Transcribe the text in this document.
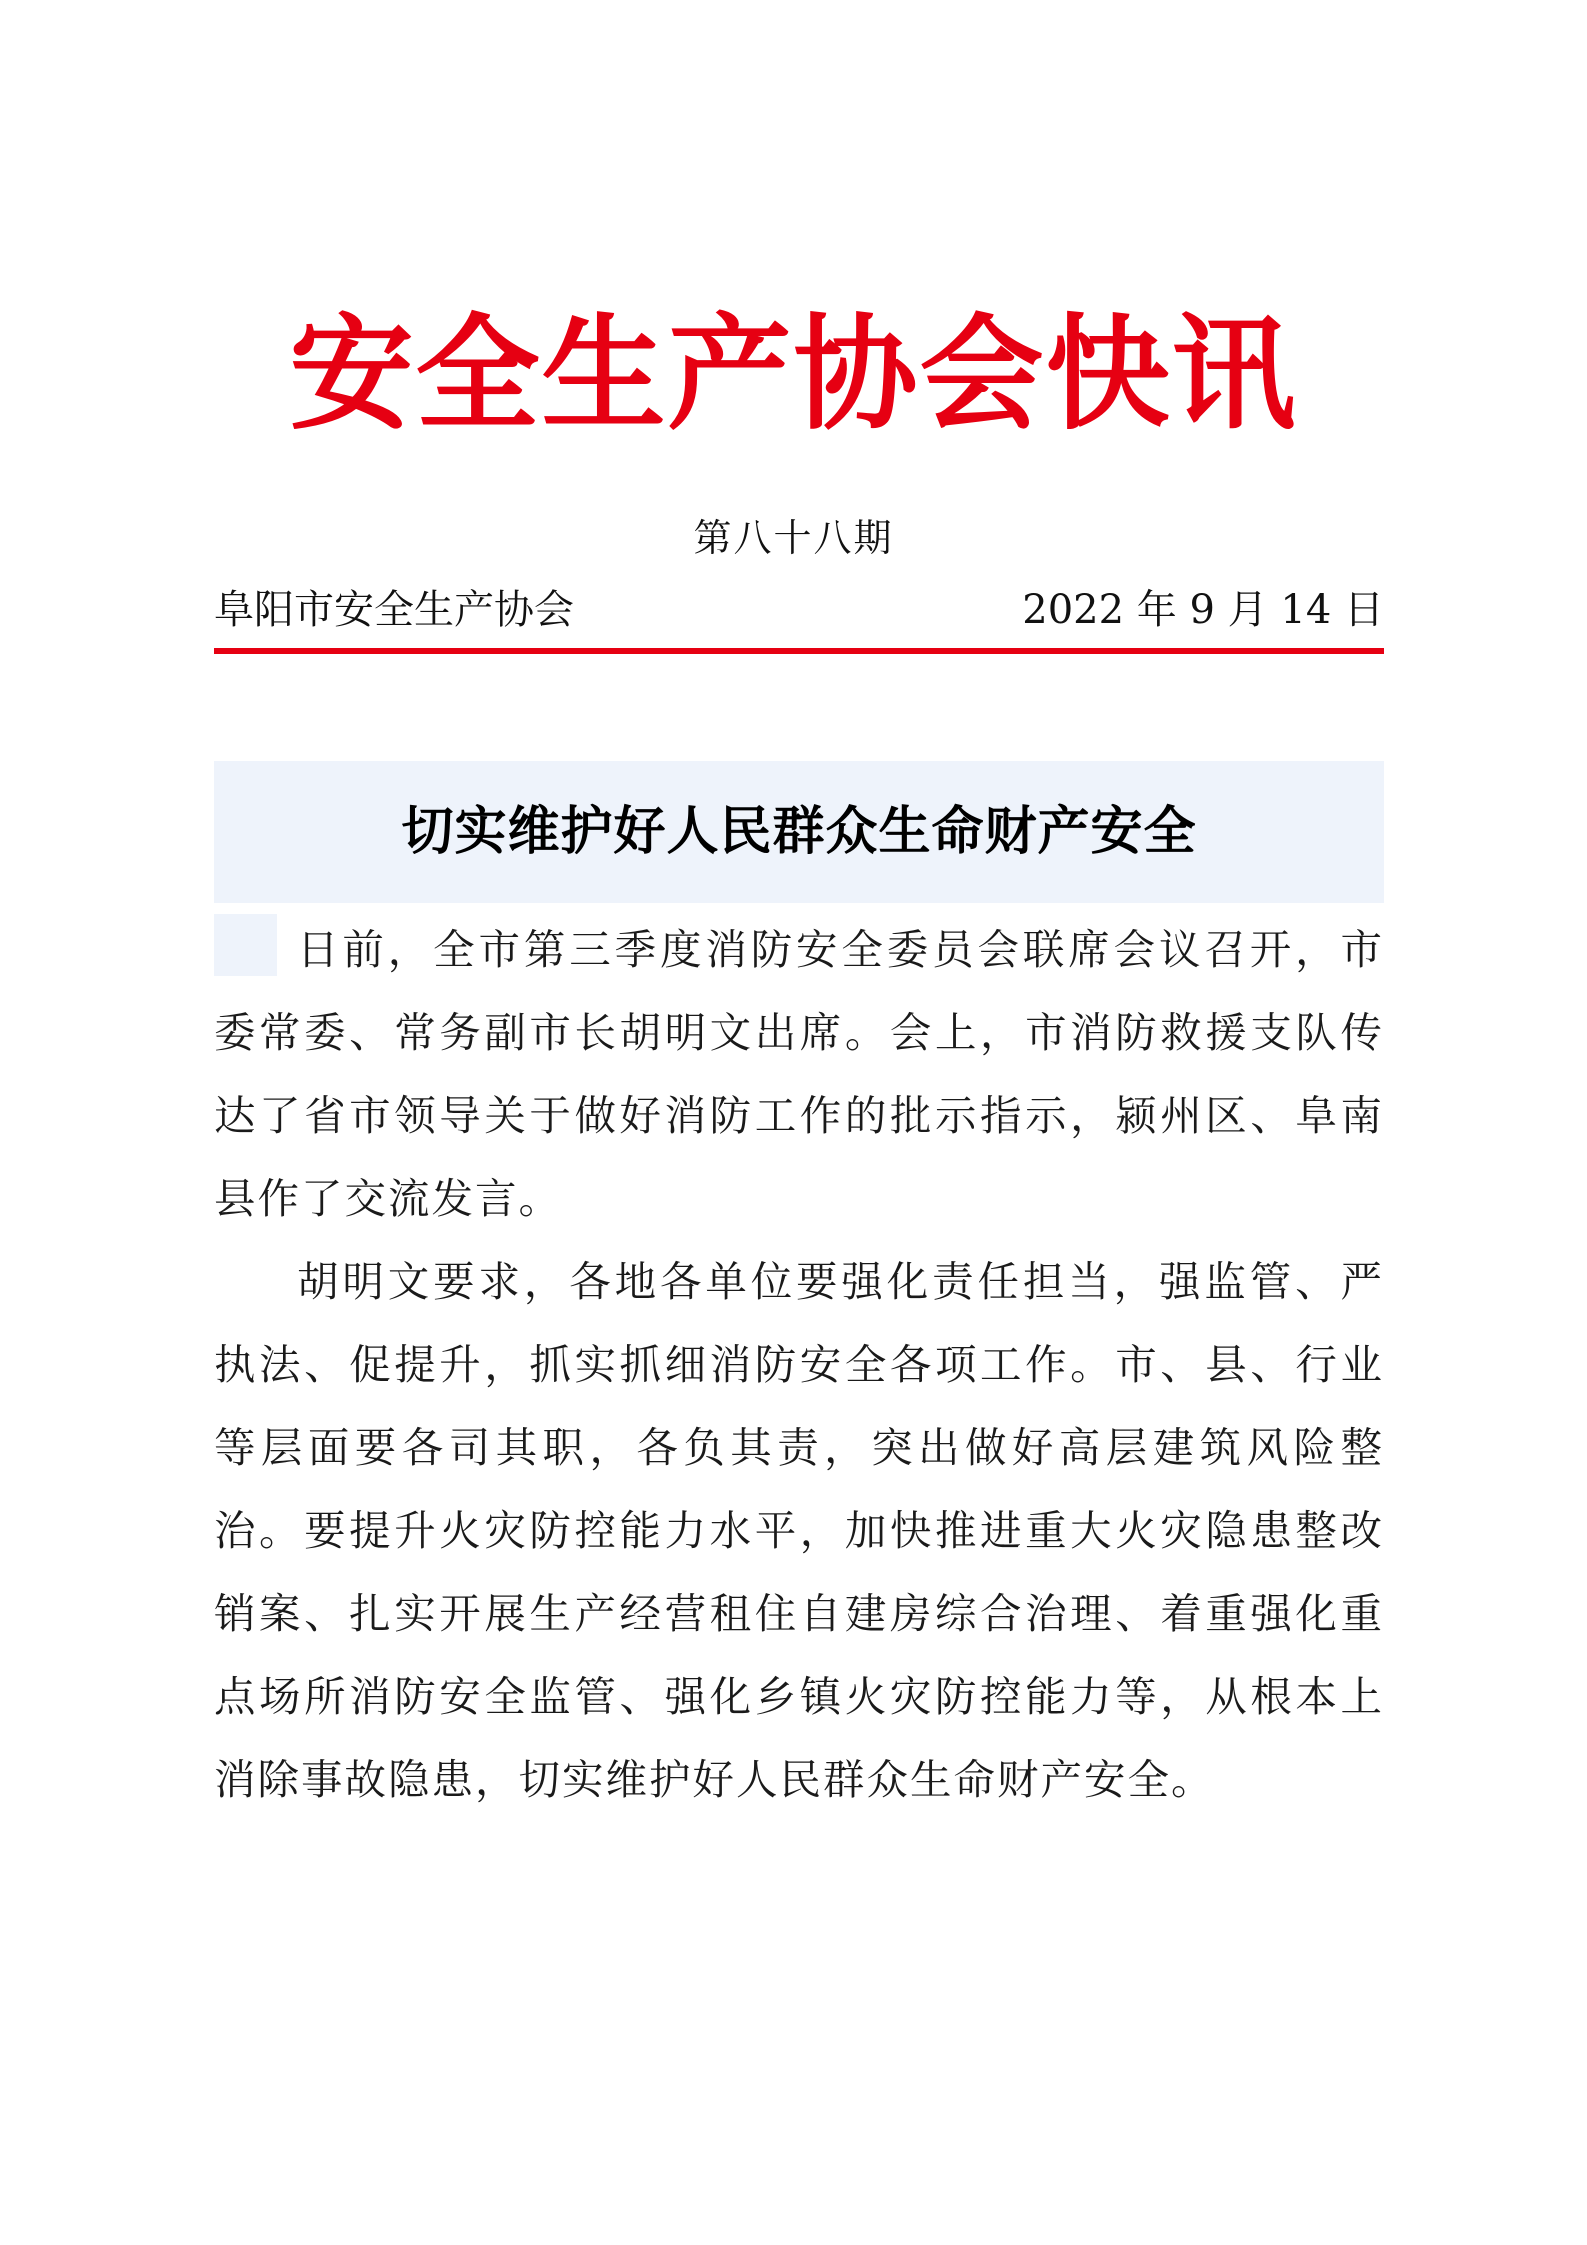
安全生产协会快讯
第八十八期
阜阳市安全生产协会	2022 年 9 月 14 日
切实维护好人民群众生命财产安全

日前，全市第三季度消防安全委员会联席会议召开，市委常委、常务副市长胡明文出席。会上，市消防救援支队传达了省市领导关于做好消防工作的批示指示，颍州区、阜南县作了交流发言。

胡明文要求，各地各单位要强化责任担当，强监管、严执法、促提升，抓实抓细消防安全各项工作。市、县、行业等层面要各司其职，各负其责，突出做好高层建筑风险整治。要提升火灾防控能力水平，加快推进重大火灾隐患整改销案、扎实开展生产经营租住自建房综合治理、着重强化重点场所消防安全监管、强化乡镇火灾防控能力等，从根本上消除事故隐患，切实维护好人民群众生命财产安全。
